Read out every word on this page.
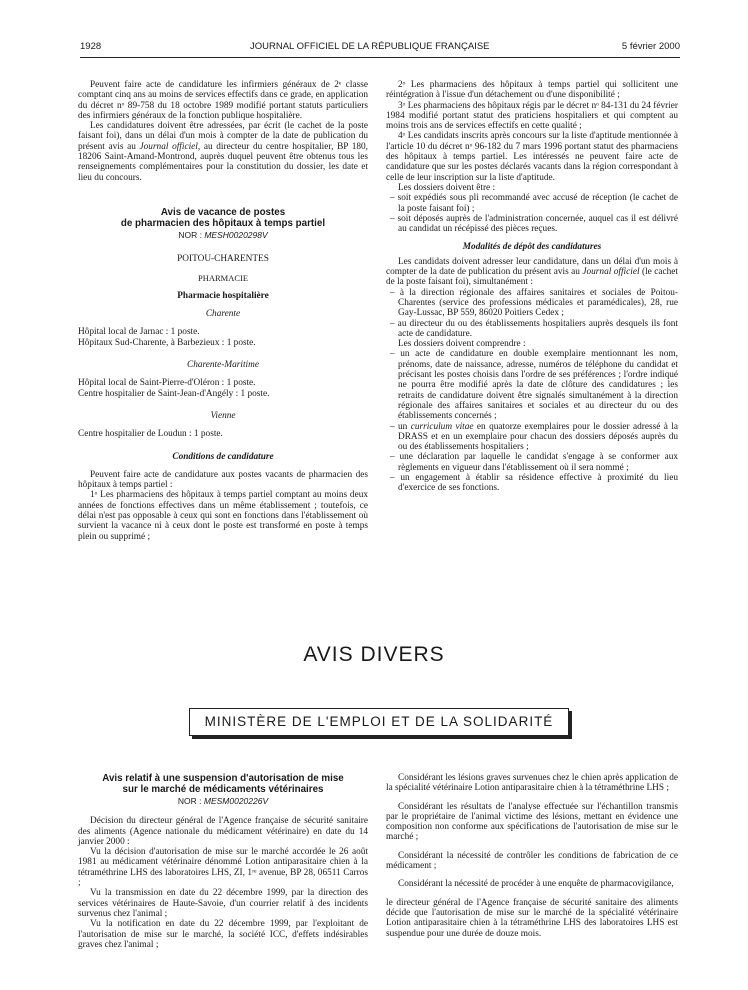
1928	JOURNAL OFFICIEL DE LA RÉPUBLIQUE FRANÇAISE	5 février 2000

Peuvent faire acte de candidature les infirmiers généraux de 2ᵉ classe comptant cinq ans au moins de services effectifs dans ce grade, en application du décret nᵒ 89-758 du 18 octobre 1989 modifié portant statuts particuliers des infirmiers généraux de la fonction publique hospitalière.

Les candidatures doivent être adressées, par écrit (le cachet de la poste faisant foi), dans un délai d'un mois à compter de la date de publication du présent avis au Journal officiel, au directeur du centre hospitalier, BP 180, 18206 Saint-Amand-Montrond, auprès duquel peuvent être obtenus tous les renseignements complémentaires pour la constitution du dossier, les date et lieu du concours.

Avis de vacance de postes

de pharmacien des hôpitaux à temps partiel

NOR : MESH0020298V

POITOU-CHARENTES

PHARMACIE

Pharmacie hospitalière

Charente

Hôpital local de Jarnac : 1 poste.

Hôpitaux Sud-Charente, à Barbezieux : 1 poste.

Charente-Maritime

Hôpital local de Saint-Pierre-d'Oléron : 1 poste.

Centre hospitalier de Saint-Jean-d'Angély : 1 poste.

Vienne

Centre hospitalier de Loudun : 1 poste.

Conditions de candidature

Peuvent faire acte de candidature aux postes vacants de pharmacien des hôpitaux à temps partiel :

1ᵒ Les pharmaciens des hôpitaux à temps partiel comptant au moins deux années de fonctions effectives dans un même établissement ; toutefois, ce délai n'est pas opposable à ceux qui sont en fonctions dans l'établissement où survient la vacance ni à ceux dont le poste est transformé en poste à temps plein ou supprimé ;

2ᵒ Les pharmaciens des hôpitaux à temps partiel qui sollicitent une réintégration à l'issue d'un détachement ou d'une disponibilité ;

3ᵒ Les pharmaciens des hôpitaux régis par le décret nᵒ 84-131 du 24 février 1984 modifié portant statut des praticiens hospitaliers et qui comptent au moins trois ans de services effectifs en cette qualité ;

4ᵒ Les candidats inscrits après concours sur la liste d'aptitude mentionnée à l'article 10 du décret nᵒ 96-182 du 7 mars 1996 portant statut des pharmaciens des hôpitaux à temps partiel. Les intéressés ne peuvent faire acte de candidature que sur les postes déclarés vacants dans la région correspondant à celle de leur inscription sur la liste d'aptitude.

Les dossiers doivent être :

– soit expédiés sous pli recommandé avec accusé de réception (le cachet de la poste faisant foi) ;

– soit déposés auprès de l'administration concernée, auquel cas il est délivré au candidat un récépissé des pièces reçues.

Modalités de dépôt des candidatures

Les candidats doivent adresser leur candidature, dans un délai d'un mois à compter de la date de publication du présent avis au Journal officiel (le cachet de la poste faisant foi), simultanément :

– à la direction régionale des affaires sanitaires et sociales de Poitou-Charentes (service des professions médicales et paramédicales), 28, rue Gay-Lussac, BP 559, 86020 Poitiers Cedex ;

– au directeur du ou des établissements hospitaliers auprès desquels ils font acte de candidature.

Les dossiers doivent comprendre :

– un acte de candidature en double exemplaire mentionnant les nom, prénoms, date de naissance, adresse, numéros de téléphone du candidat et précisant les postes choisis dans l'ordre de ses préférences ; l'ordre indiqué ne pourra être modifié après la date de clôture des candidatures ; les retraits de candidature doivent être signalés simultanément à la direction régionale des affaires sanitaires et sociales et au directeur du ou des établissements concernés ;

– un curriculum vitae en quatorze exemplaires pour le dossier adressé à la DRASS et en un exemplaire pour chacun des dossiers déposés auprès du ou des établissements hospitaliers ;

– une déclaration par laquelle le candidat s'engage à se conformer aux règlements en vigueur dans l'établissement où il sera nommé ;

– un engagement à établir sa résidence effective à proximité du lieu d'exercice de ses fonctions.

AVIS DIVERS
MINISTÈRE DE L'EMPLOI ET DE LA SOLIDARITÉ

Avis relatif à une suspension d'autorisation de mise

sur le marché de médicaments vétérinaires

NOR : MESM0020226V

Décision du directeur général de l'Agence française de sécurité sanitaire des aliments (Agence nationale du médicament vétérinaire) en date du 14 janvier 2000 :

Vu la décision d'autorisation de mise sur le marché accordée le 26 août 1981 au médicament vétérinaire dénommé Lotion antiparasitaire chien à la tétraméthrine LHS des laboratoires LHS, ZI, 1ʳᵉ avenue, BP 28, 06511 Carros ;

Vu la transmission en date du 22 décembre 1999, par la direction des services vétérinaires de Haute-Savoie, d'un courrier relatif à des incidents survenus chez l'animal ;

Vu la notification en date du 22 décembre 1999, par l'exploitant de l'autorisation de mise sur le marché, la société ICC, d'effets indésirables graves chez l'animal ;

Considérant les lésions graves survenues chez le chien après application de la spécialité vétérinaire Lotion antiparasitaire chien à la tétraméthrine LHS ;

Considérant les résultats de l'analyse effectuée sur l'échantillon transmis par le propriétaire de l'animal victime des lésions, mettant en évidence une composition non conforme aux spécifications de l'autorisation de mise sur le marché ;

Considérant la nécessité de contrôler les conditions de fabrication de ce médicament ;

Considérant la nécessité de procéder à une enquête de pharmacovigilance,

le directeur général de l'Agence française de sécurité sanitaire des aliments décide que l'autorisation de mise sur le marché de la spécialité vétérinaire Lotion antiparasitaire chien à la tétraméthrine LHS des laboratoires LHS est suspendue pour une durée de douze mois.
